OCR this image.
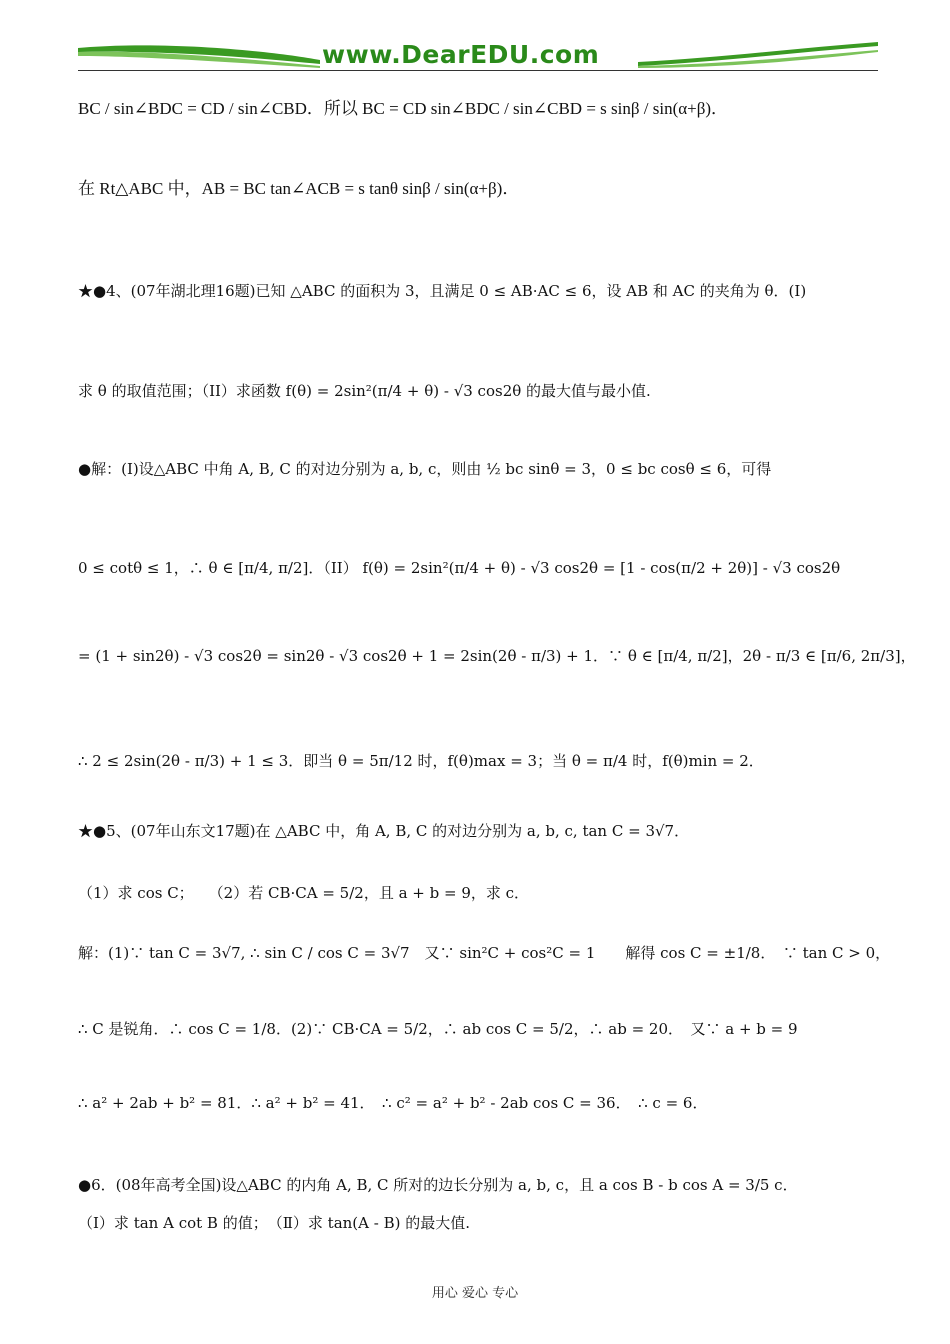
www.DearEDU.com
BC / sin∠BDC = CD / sin∠CBD．所以 BC = CD sin∠BDC / sin∠CBD = s sinβ / sin(α+β)．
在 Rt△ABC 中，AB = BC tan∠ACB = s tanθ sinβ / sin(α+β)．
★●4、(07年湖北理16题)已知 △ABC 的面积为 3，且满足 0 ≤ AB·AC ≤ 6，设 AB 和 AC 的夹角为 θ．(I)
求 θ 的取值范围；（II）求函数 f(θ) = 2sin²(π/4 + θ) - √3 cos2θ 的最大值与最小值.
●解：(Ⅰ)设△ABC 中角 A, B, C 的对边分别为 a, b, c，则由 ½ bc sinθ = 3，0 ≤ bc cosθ ≤ 6，可得
0 ≤ cotθ ≤ 1，∴ θ ∈ [π/4, π/2]．（II） f(θ) = 2sin²(π/4 + θ) - √3 cos2θ = [1 - cos(π/2 + 2θ)] - √3 cos2θ
= (1 + sin2θ) - √3 cos2θ = sin2θ - √3 cos2θ + 1 = 2sin(2θ - π/3) + 1．∵ θ ∈ [π/4, π/2]，2θ - π/3 ∈ [π/6, 2π/3]，
∴ 2 ≤ 2sin(2θ - π/3) + 1 ≤ 3．即当 θ = 5π/12 时，f(θ)max = 3；当 θ = π/4 时，f(θ)min = 2．
★●5、(07年山东文17题)在 △ABC 中，角 A, B, C 的对边分别为 a, b, c, tan C = 3√7．
（1）求 cos C；　　（2）若 CB·CA = 5/2，且 a + b = 9，求 c．
解：(1)∵ tan C = 3√7, ∴ sin C / cos C = 3√7　又∵ sin²C + cos²C = 1　　解得 cos C = ±1/8．　∵ tan C > 0，
∴ C 是锐角．∴ cos C = 1/8．(2)∵ CB·CA = 5/2，∴ ab cos C = 5/2，∴ ab = 20．　又∵ a + b = 9
∴ a² + 2ab + b² = 81．∴ a² + b² = 41．　∴ c² = a² + b² - 2ab cos C = 36．　∴ c = 6．
●6．(08年高考全国)设△ABC 的内角 A, B, C 所对的边长分别为 a, b, c，且 a cos B - b cos A = 3/5 c．
（Ⅰ）求 tan A cot B 的值；　（Ⅱ）求 tan(A - B) 的最大值.
用心 爱心 专心
